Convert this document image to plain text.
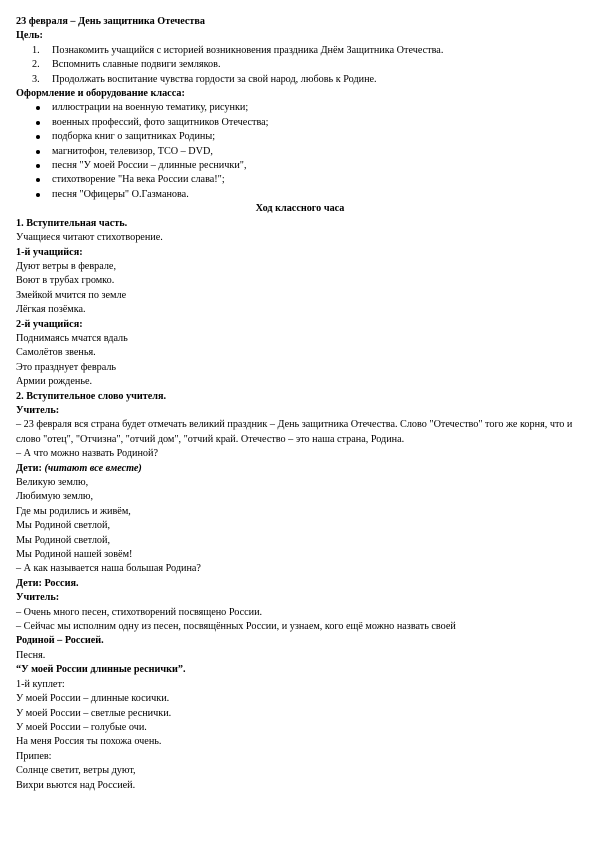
23 февраля – День защитника Отечества
Цель:
1. Познакомить учащийся с историей возникновения праздника Днём Защитника Отечества.
2. Вспомнить славные подвиги земляков.
3. Продолжать воспитание чувства гордости за свой народ, любовь к Родине.
Оформление и оборудование класса:
иллюстрации на военную тематику, рисунки;
военных профессий, фото защитников Отечества;
подборка книг о защитниках Родины;
магнитофон, телевизор, ТСО – DVD,
песня "У моей России – длинные реснички",
стихотворение "На века России слава!";
песня "Офицеры" О.Газманова.
Ход классного часа
1. Вступительная часть.
Учащиеся читают стихотворение.
1-й учащийся:
Дуют ветры в феврале,
Воют в трубах громко.
Змейкой мчится по земле
Лёгкая позёмка.
2-й учащийся:
Поднимаясь мчатся вдаль
Самолётов звенья.
Это празднует февраль
Армии рожденье.
2. Вступительное слово учителя.
Учитель:
– 23 февраля вся страна будет отмечать великий праздник – День защитника Отечества. Слово "Отечество" того же корня, что и слово "отец", "Отчизна", "отчий дом", "отчий край. Отечество – это наша страна, Родина.
– А что можно назвать Родиной?
Дети: (читают все вместе)
Великую землю,
Любимую землю,
Где мы родились и живём,
Мы Родиной светлой,
Мы Родиной светлой,
Мы Родиной нашей зовём!
– А как называется наша большая Родина?
Дети: Россия.
Учитель:
– Очень много песен, стихотворений посвящено России.
– Сейчас мы исполним одну из песен, посвящённых России, и узнаем, кого ещё можно назвать своей
Родиной – Россией.
Песня.
“У моей России длинные реснички”.
1-й куплет:
У моей России – длинные косички.
У моей России – светлые реснички.
У моей России – голубые очи.
На меня Россия ты похожа очень.
Припев:
Солнце светит, ветры дуют,
Вихри вьются над Россией.
